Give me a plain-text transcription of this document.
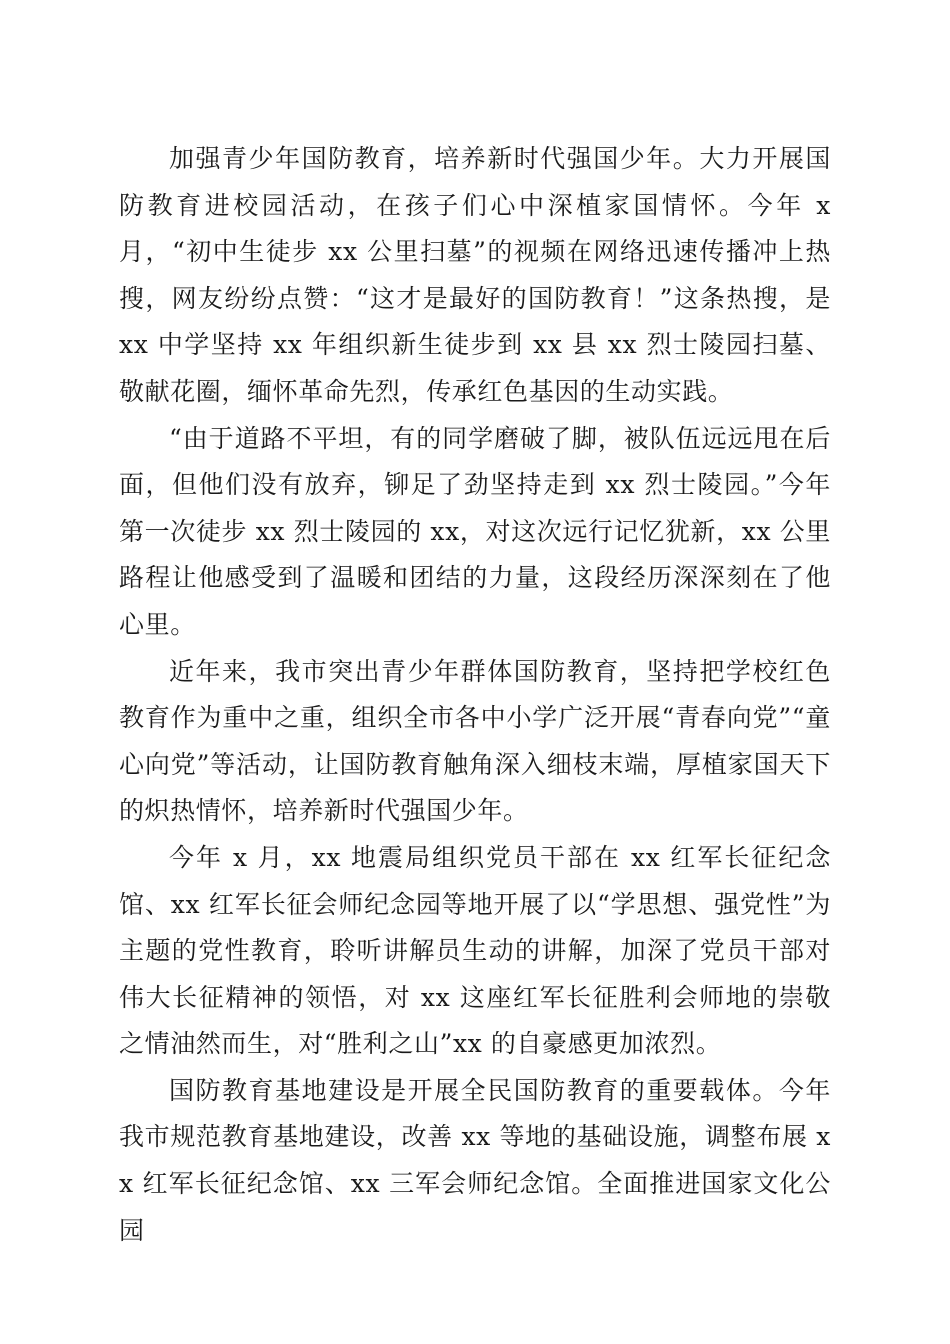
加强青少年国防教育，培养新时代强国少年。大力开展国防教育进校园活动，在孩子们心中深植家国情怀。今年 x 月，“初中生徒步 xx 公里扫墓”的视频在网络迅速传播冲上热搜，网友纷纷点赞：“这才是最好的国防教育！”这条热搜，是 xx 中学坚持 xx 年组织新生徒步到 xx 县 xx 烈士陵园扫墓、敬献花圈，缅怀革命先烈，传承红色基因的生动实践。

“由于道路不平坦，有的同学磨破了脚，被队伍远远甩在后面，但他们没有放弃，铆足了劲坚持走到 xx 烈士陵园。”今年第一次徒步 xx 烈士陵园的 xx，对这次远行记忆犹新，xx 公里路程让他感受到了温暖和团结的力量，这段经历深深刻在了他心里。

近年来，我市突出青少年群体国防教育，坚持把学校红色教育作为重中之重，组织全市各中小学广泛开展“青春向党”“童心向党”等活动，让国防教育触角深入细枝末端，厚植家国天下的炽热情怀，培养新时代强国少年。

今年 x 月，xx 地震局组织党员干部在 xx 红军长征纪念馆、xx 红军长征会师纪念园等地开展了以“学思想、强党性”为主题的党性教育，聆听讲解员生动的讲解，加深了党员干部对伟大长征精神的领悟，对 xx 这座红军长征胜利会师地的崇敬之情油然而生，对“胜利之山”xx 的自豪感更加浓烈。

国防教育基地建设是开展全民国防教育的重要载体。今年我市规范教育基地建设，改善 xx 等地的基础设施，调整布展 xx 红军长征纪念馆、xx 三军会师纪念馆。全面推进国家文化公园
